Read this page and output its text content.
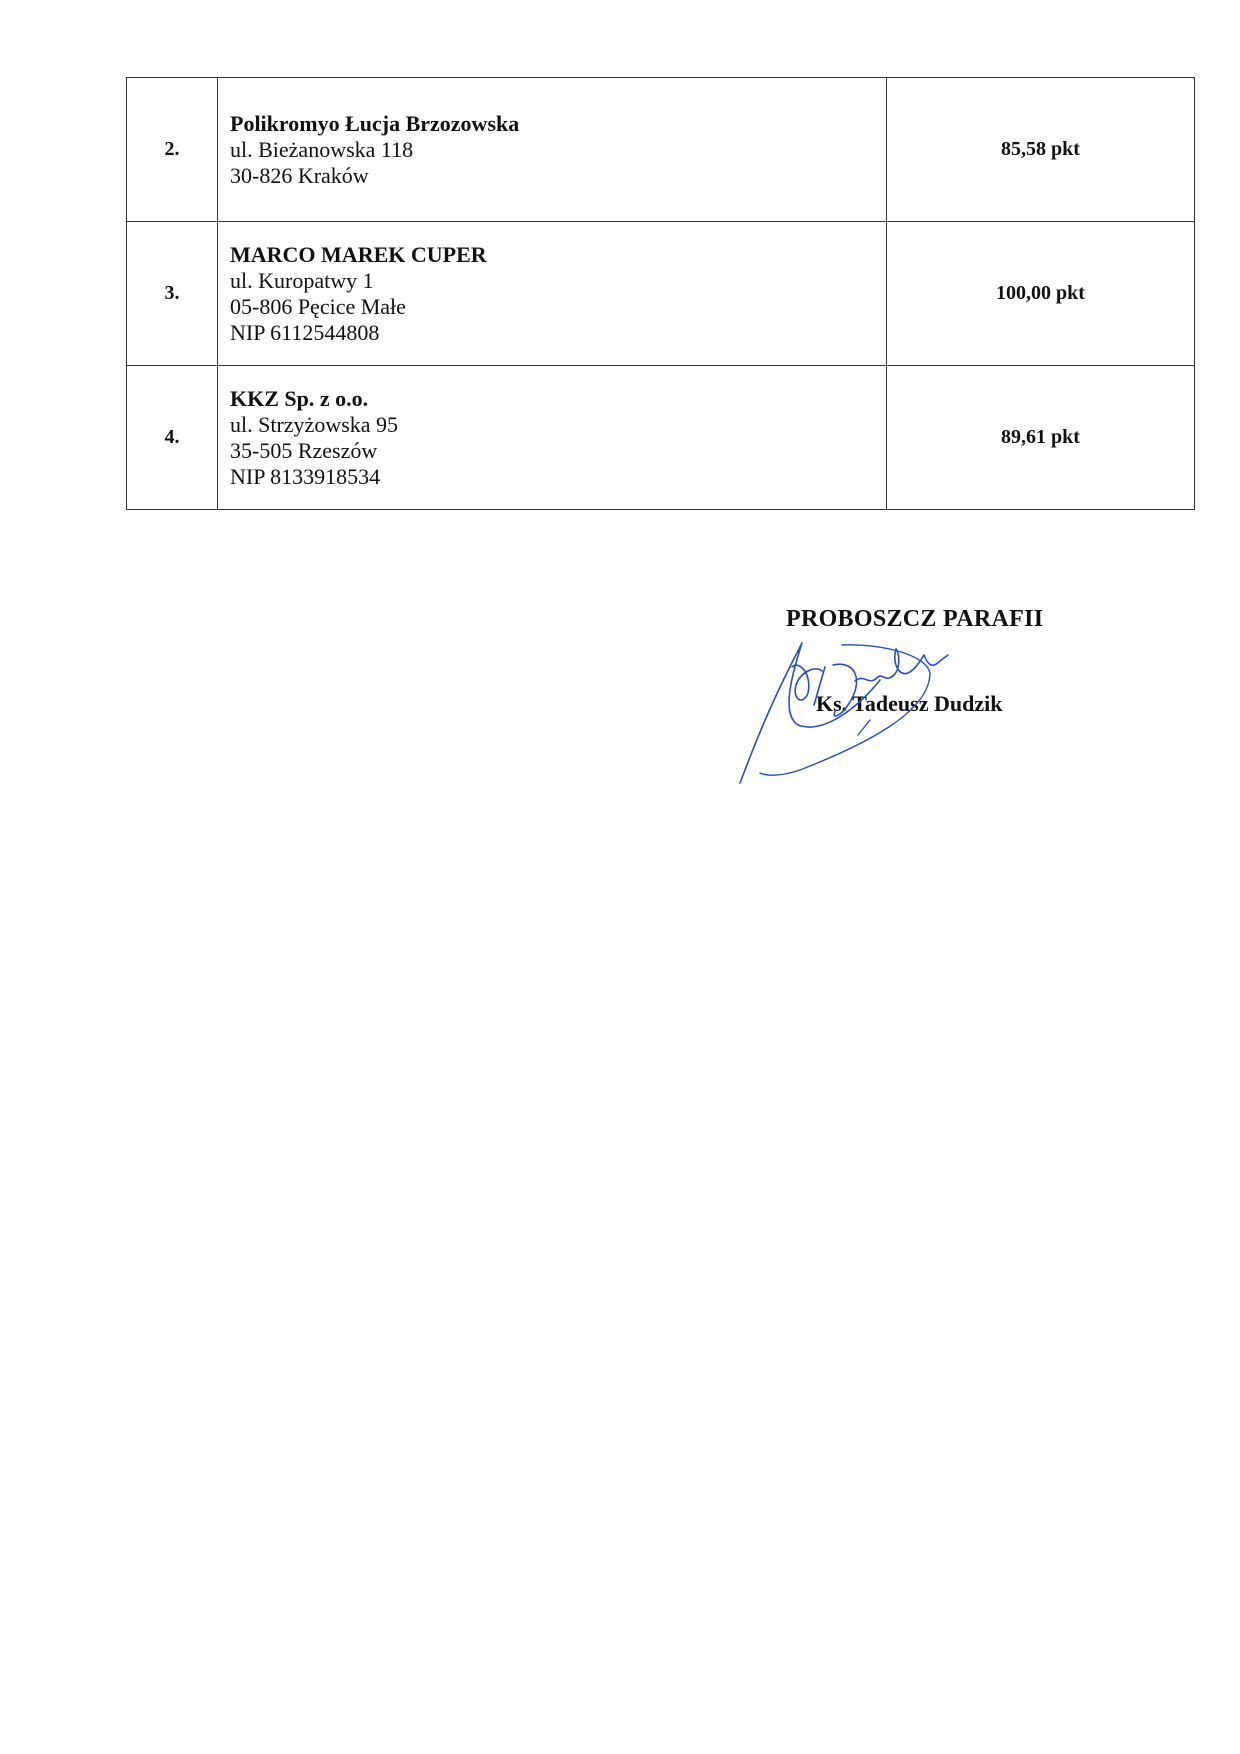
2.	Polikromyo Łucja Brzozowska
ul. Bieżanowska 118
30-826 Kraków	85,58 pkt
3.	MARCO MAREK CUPER
ul. Kuropatwy 1
05-806 Pęcice Małe
NIP 6112544808	100,00 pkt
4.	KKZ Sp. z o.o.
ul. Strzyżowska 95
35-505 Rzeszów
NIP 8133918534	89,61 pkt
PROBOSZCZ PARAFII
Ks. Tadeusz Dudzik
